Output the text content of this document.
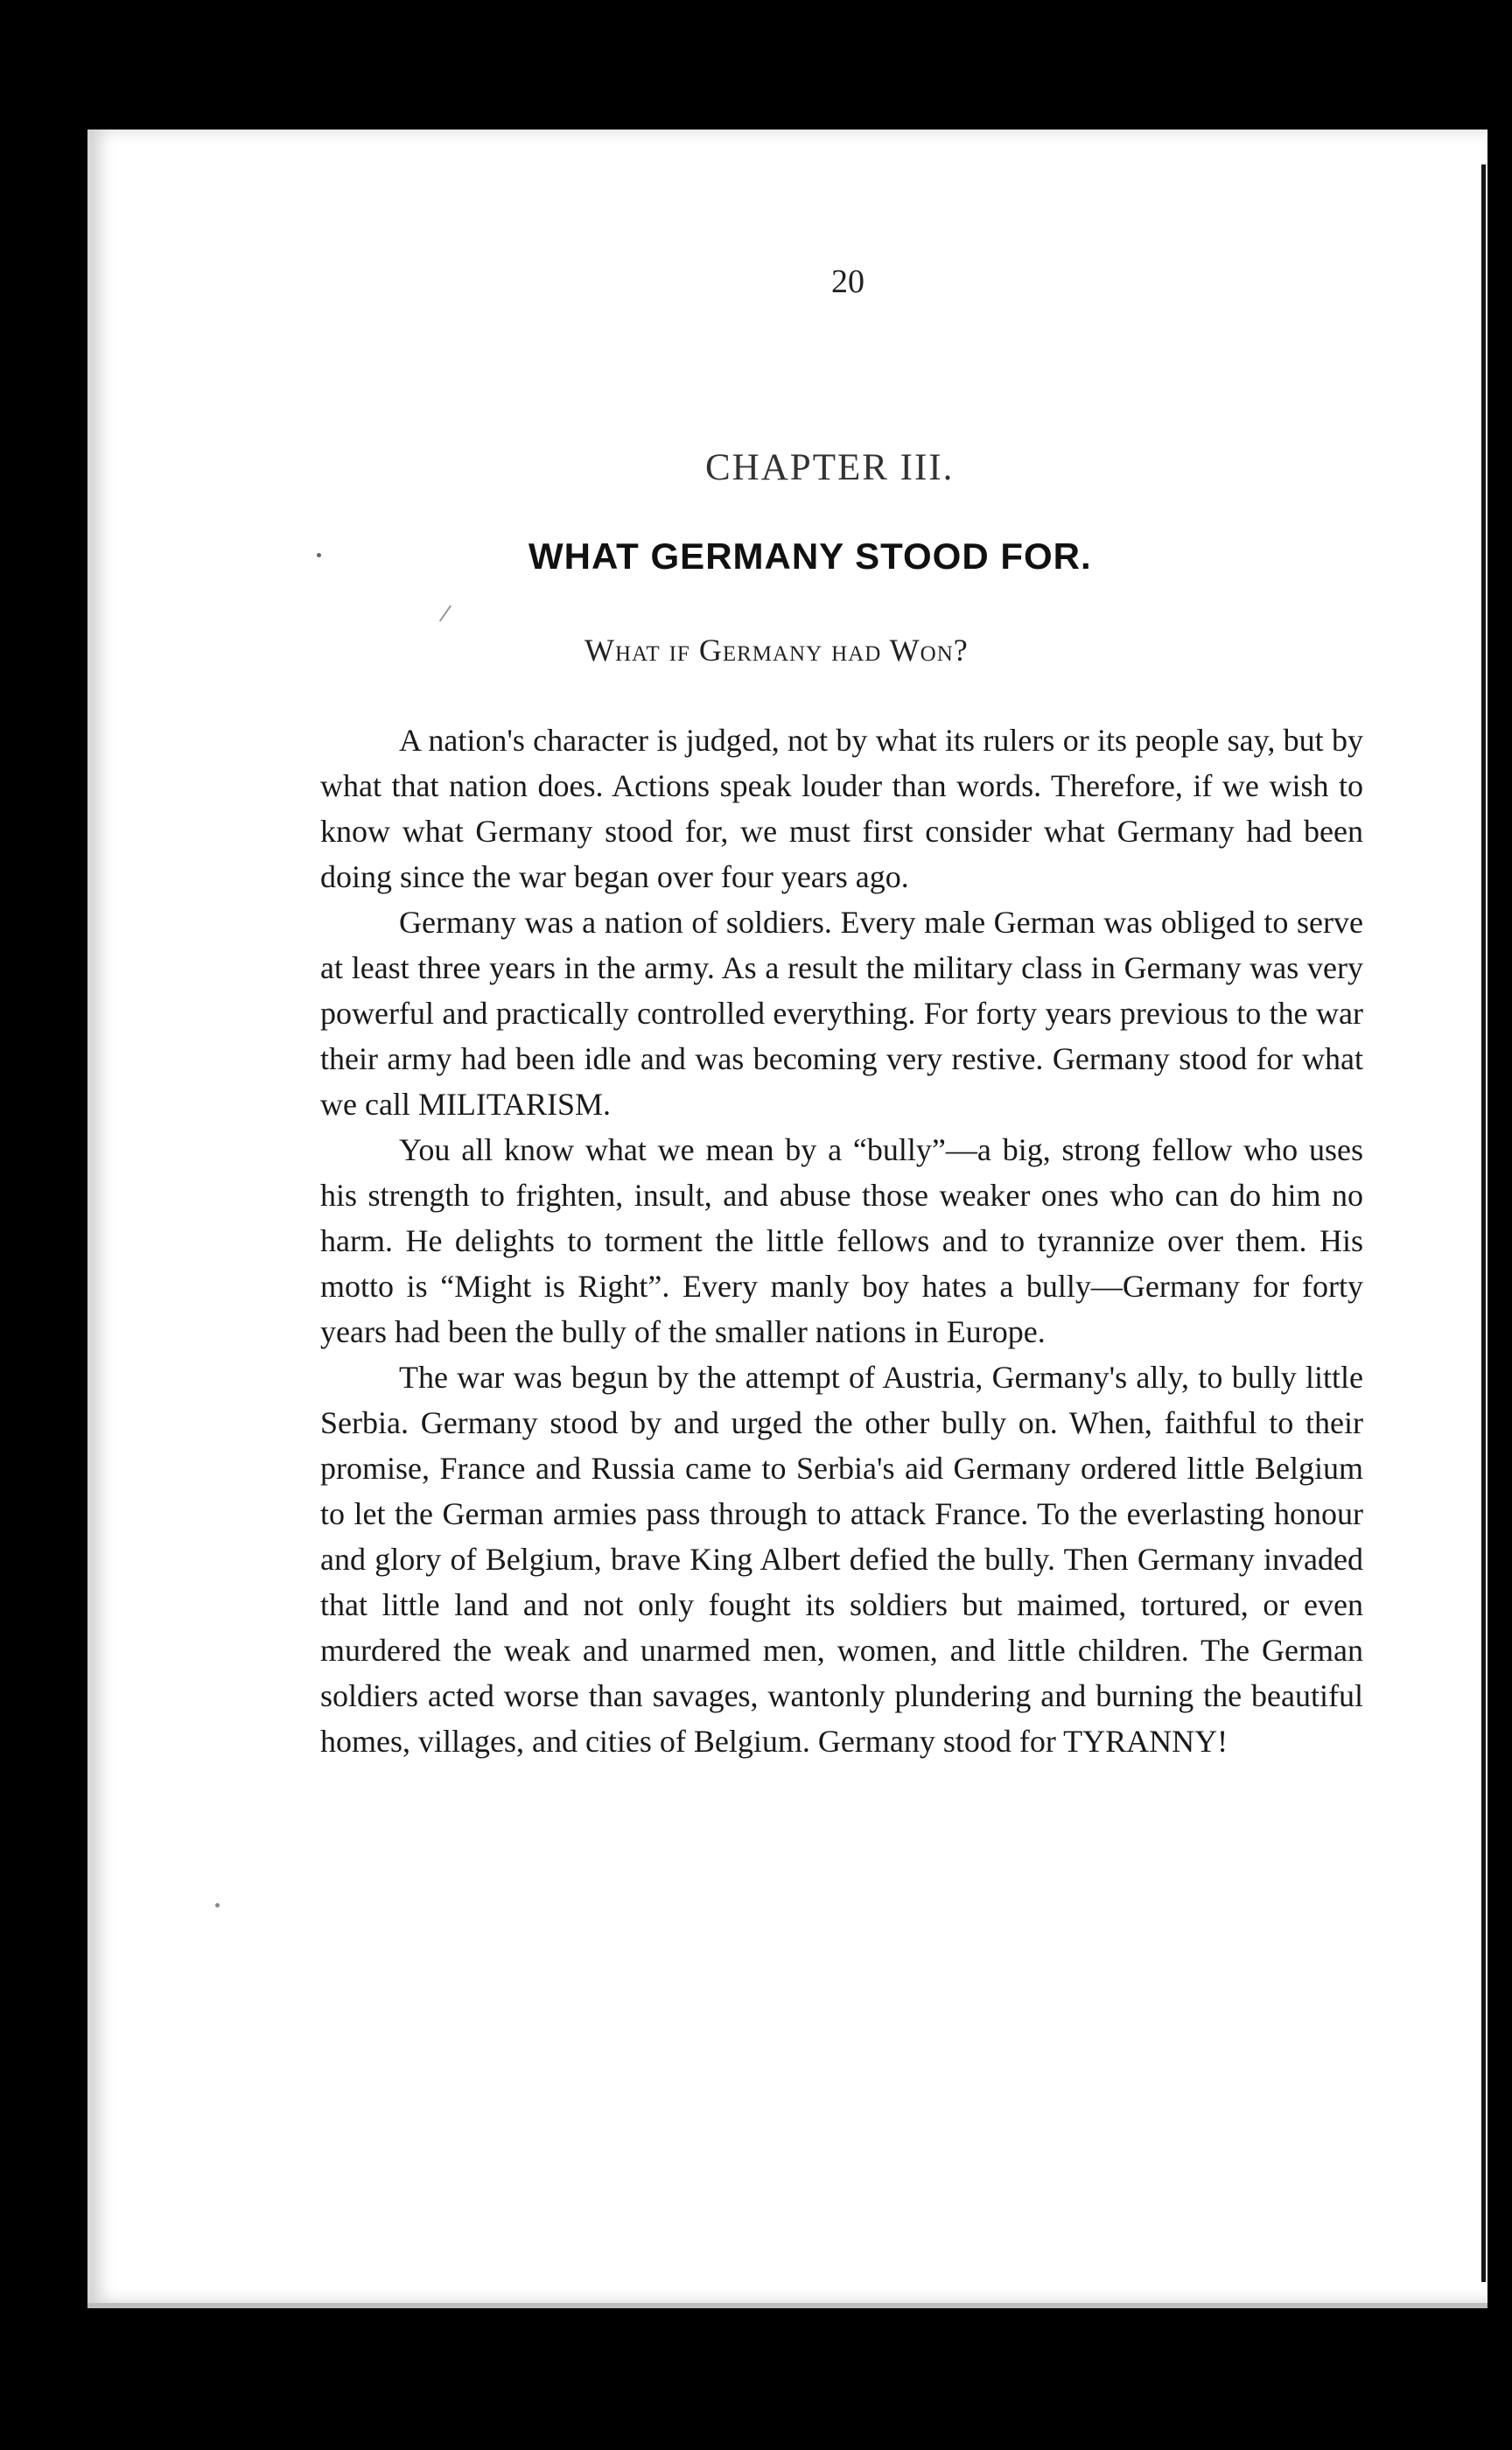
20
CHAPTER III.
WHAT GERMANY STOOD FOR.
What if Germany had Won?

A nation's character is judged, not by what its rulers or its people say, but by what that nation does. Actions speak louder than words. Therefore, if we wish to know what Germany stood for, we must first consider what Germany had been doing since the war began over four years ago.

Germany was a nation of soldiers. Every male German was obliged to serve at least three years in the army. As a result the military class in Germany was very powerful and practically controlled everything. For forty years previous to the war their army had been idle and was becoming very restive. Germany stood for what we call MILITARISM.

You all know what we mean by a “bully”—a big, strong fellow who uses his strength to frighten, insult, and abuse those weaker ones who can do him no harm. He delights to torment the little fellows and to tyrannize over them. His motto is “Might is Right”. Every manly boy hates a bully—Germany for forty years had been the bully of the smaller nations in Europe.

The war was begun by the attempt of Austria, Germany's ally, to bully little Serbia. Germany stood by and urged the other bully on. When, faithful to their promise, France and Russia came to Serbia's aid Germany ordered little Belgium to let the German armies pass through to attack France. To the everlasting honour and glory of Belgium, brave King Albert defied the bully. Then Germany invaded that little land and not only fought its soldiers but maimed, tortured, or even murdered the weak and unarmed men, women, and little children. The German soldiers acted worse than savages, wantonly plundering and burning the beautiful homes, villages, and cities of Belgium. Germany stood for TYRANNY!
